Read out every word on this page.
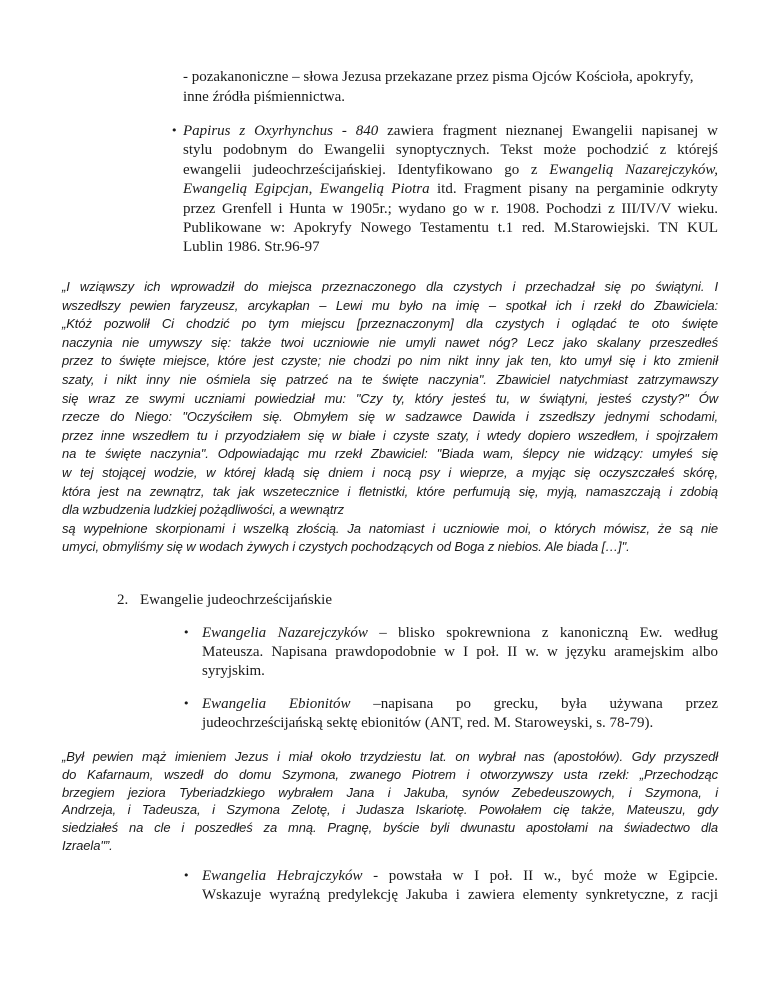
- pozakanoniczne – słowa Jezusa przekazane przez pisma Ojców Kościoła, apokryfy,
inne źródła piśmiennictwa.
• Papirus z Oxyrhynchus - 840 zawiera fragment nieznanej Ewangelii napisanej w
stylu podobnym do Ewangelii synoptycznych. Tekst może pochodzić z którejś
ewangelii judeochrześcijańskiej. Identyfikowano go z Ewangelią Nazarejczyków,
Ewangelią Egipcjan, Ewangelią Piotra itd. Fragment pisany na pergaminie odkryty
przez Grenfell i Hunta w 1905r.; wydano go w r. 1908. Pochodzi z III/IV/V wieku.
Publikowane w: Apokryfy Nowego Testamentu t.1 red. M.Starowiejski. TN KUL
Lublin 1986. Str.96-97
„I wziąwszy ich wprowadził do miejsca przeznaczonego dla czystych i przechadzał się po świątyni. I
wszedłszy pewien faryzeusz, arcykapłan – Lewi mu było na imię – spotkał ich i rzekł do Zbawiciela:
„Któż pozwolił Ci chodzić po tym miejscu [przeznaczonym] dla czystych i oglądać te oto święte
naczynia nie umywszy się: także twoi uczniowie nie umyli nawet nóg? Lecz jako skalany przeszedłeś
przez to święte miejsce, które jest czyste; nie chodzi po nim nikt inny jak ten, kto umył się i kto zmienił
szaty, i nikt inny nie ośmiela się patrzeć na te święte naczynia". Zbawiciel natychmiast zatrzymawszy
się wraz ze swymi uczniami powiedział mu: "Czy ty, który jesteś tu, w świątyni, jesteś czysty?" Ów
rzecze do Niego: "Oczyściłem się. Obmyłem się w sadzawce Dawida i zszedłszy jednymi schodami,
przez inne wszedłem tu i przyodziałem się w białe i czyste szaty, i wtedy dopiero wszedłem, i spojrzałem
na te święte naczynia". Odpowiadając mu rzekł Zbawiciel: "Biada wam, ślepcy nie widzący: umyłeś się
w tej stojącej wodzie, w której kładą się dniem i nocą psy i wieprze, a myjąc się oczyszczałeś skórę,
która jest na zewnątrz, tak jak wszetecznice i fletnistki, które perfumują się, myją, namaszczają i zdobią
dla wzbudzenia ludzkiej pożądliwości, a wewnątrz
są wypełnione skorpionami i wszelką złością. Ja natomiast i uczniowie moi, o których mówisz, że są nie
umyci, obmyliśmy się w wodach żywych i czystych pochodzących od Boga z niebios. Ale biada […]".
2. Ewangelie judeochrześcijańskie
• Ewangelia Nazarejczyków – blisko spokrewniona z kanoniczną Ew. według
Mateusza. Napisana prawdopodobnie w I poł. II w. w języku aramejskim albo
syryjskim.
• Ewangelia Ebionitów –napisana po grecku, była używana przez
judeochrześcijańską sektę ebionitów (ANT, red. M. Staroweyski, s. 78-79).
„Był pewien mąż imieniem Jezus i miał około trzydziestu lat. on wybrał nas (apostołów). Gdy przyszedł
do Kafarnaum, wszedł do domu Szymona, zwanego Piotrem i otworzywszy usta rzekł: „Przechodząc
brzegiem jeziora Tyberiadzkiego wybrałem Jana i Jakuba, synów Zebedeuszowych, i Szymona, i
Andrzeja, i Tadeusza, i Szymona Zelotę, i Judasza Iskariotę. Powołałem cię także, Mateuszu, gdy
siedziałeś na cle i poszedłeś za mną. Pragnę, byście byli dwunastu apostołami na świadectwo dla
Izraela"”.
• Ewangelia Hebrajczyków - powstała w I poł. II w., być może w Egipcie.
Wskazuje wyraźną predylekcję Jakuba i zawiera elementy synkretyczne, z racji
